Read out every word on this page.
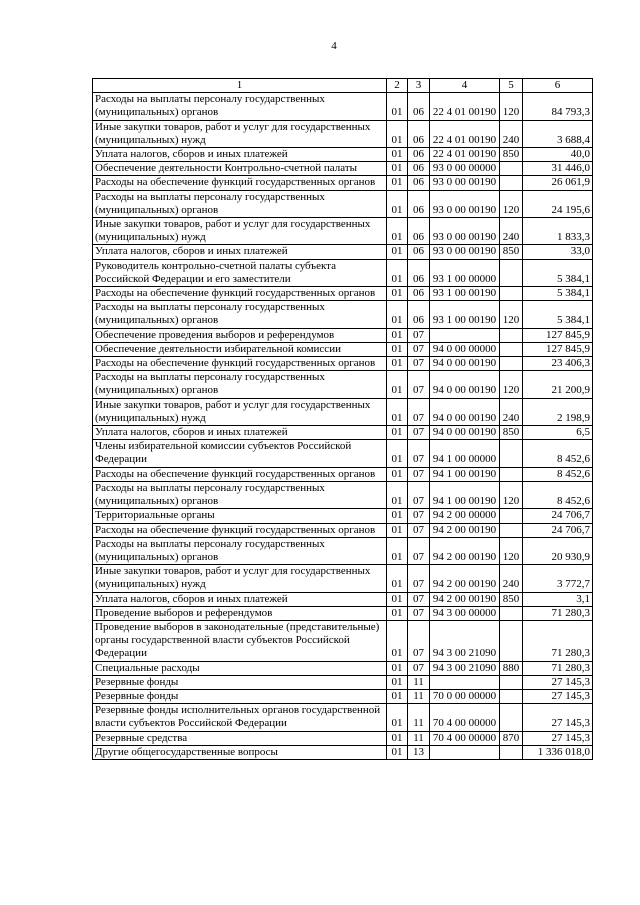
4
1	2	3	4	5	6
Расходы на выплаты персоналу государственных (муниципальных) органов	01	06	22 4 01 00190	120	84 793,3
Иные закупки товаров, работ и услуг для государственных (муниципальных) нужд	01	06	22 4 01 00190	240	3 688,4
Уплата налогов, сборов и иных платежей	01	06	22 4 01 00190	850	40,0
Обеспечение деятельности Контрольно-счетной палаты	01	06	93 0 00 00000		31 446,0
Расходы на обеспечение функций государственных органов	01	06	93 0 00 00190		26 061,9
Расходы на выплаты персоналу государственных (муниципальных) органов	01	06	93 0 00 00190	120	24 195,6
Иные закупки товаров, работ и услуг для государственных (муниципальных) нужд	01	06	93 0 00 00190	240	1 833,3
Уплата налогов, сборов и иных платежей	01	06	93 0 00 00190	850	33,0
Руководитель контрольно-счетной палаты субъекта Российской Федерации и его заместители	01	06	93 1 00 00000		5 384,1
Расходы на обеспечение функций государственных органов	01	06	93 1 00 00190		5 384,1
Расходы на выплаты персоналу государственных (муниципальных) органов	01	06	93 1 00 00190	120	5 384,1
Обеспечение проведения выборов и референдумов	01	07			127 845,9
Обеспечение деятельности избирательной комиссии	01	07	94 0 00 00000		127 845,9
Расходы на обеспечение функций государственных органов	01	07	94 0 00 00190		23 406,3
Расходы на выплаты персоналу государственных (муниципальных) органов	01	07	94 0 00 00190	120	21 200,9
Иные закупки товаров, работ и услуг для государственных (муниципальных) нужд	01	07	94 0 00 00190	240	2 198,9
Уплата налогов, сборов и иных платежей	01	07	94 0 00 00190	850	6,5
Члены избирательной комиссии субъектов Российской Федерации	01	07	94 1 00 00000		8 452,6
Расходы на обеспечение функций государственных органов	01	07	94 1 00 00190		8 452,6
Расходы на выплаты персоналу государственных (муниципальных) органов	01	07	94 1 00 00190	120	8 452,6
Территориальные органы	01	07	94 2 00 00000		24 706,7
Расходы на обеспечение функций государственных органов	01	07	94 2 00 00190		24 706,7
Расходы на выплаты персоналу государственных (муниципальных) органов	01	07	94 2 00 00190	120	20 930,9
Иные закупки товаров, работ и услуг для государственных (муниципальных) нужд	01	07	94 2 00 00190	240	3 772,7
Уплата налогов, сборов и иных платежей	01	07	94 2 00 00190	850	3,1
Проведение выборов и референдумов	01	07	94 3 00 00000		71 280,3
Проведение выборов в законодательные (представительные) органы государственной власти субъектов Российской Федерации	01	07	94 3 00 21090		71 280,3
Специальные расходы	01	07	94 3 00 21090	880	71 280,3
Резервные фонды	01	11			27 145,3
Резервные фонды	01	11	70 0 00 00000		27 145,3
Резервные фонды исполнительных органов государственной власти субъектов Российской Федерации	01	11	70 4 00 00000		27 145,3
Резервные средства	01	11	70 4 00 00000	870	27 145,3
Другие общегосударственные вопросы	01	13			1 336 018,0
